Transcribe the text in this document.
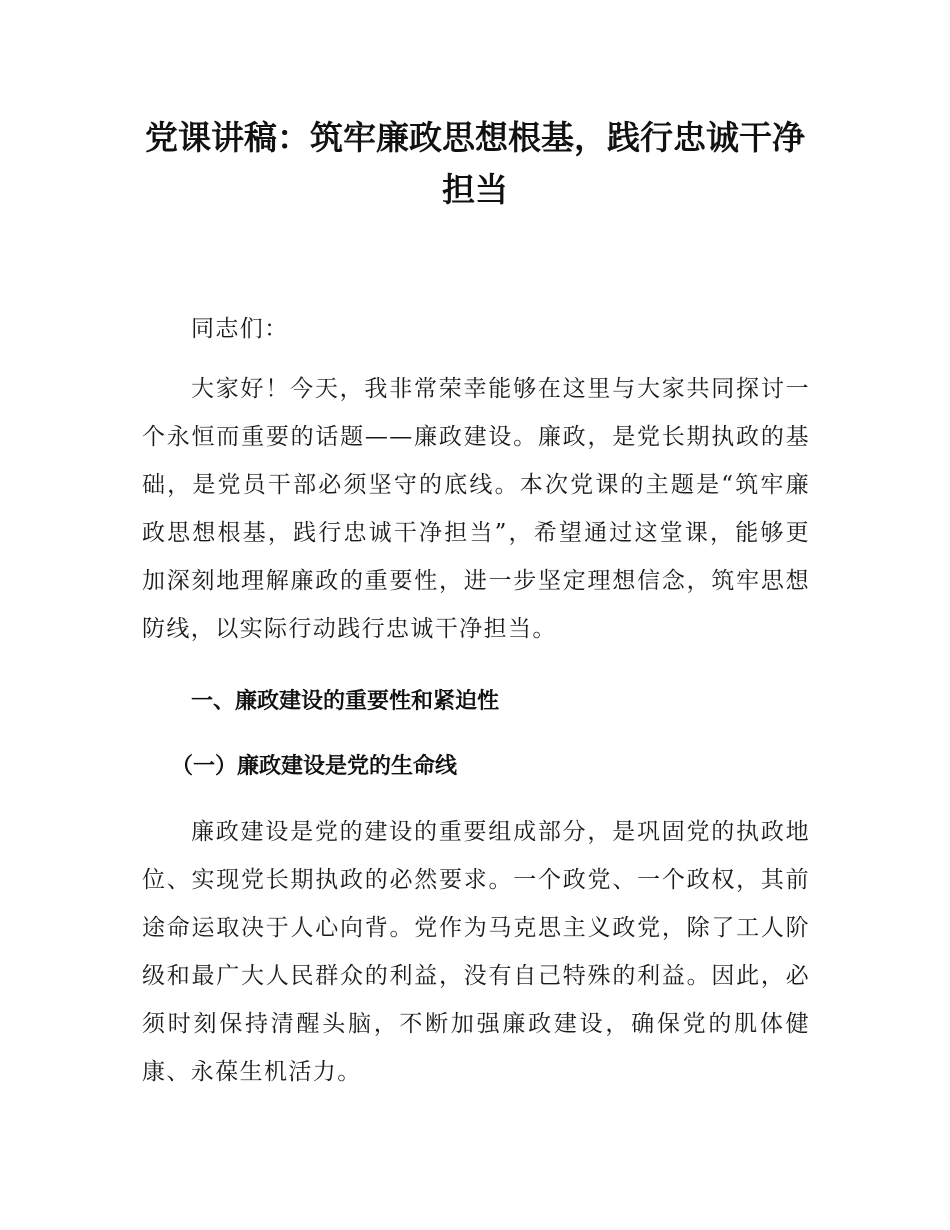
党课讲稿：筑牢廉政思想根基，践行忠诚干净担当

同志们：

大家好！今天，我非常荣幸能够在这里与大家共同探讨一个永恒而重要的话题——廉政建设。廉政，是党长期执政的基础，是党员干部必须坚守的底线。本次党课的主题是“筑牢廉政思想根基，践行忠诚干净担当”，希望通过这堂课，能够更加深刻地理解廉政的重要性，进一步坚定理想信念，筑牢思想防线，以实际行动践行忠诚干净担当。

一、廉政建设的重要性和紧迫性
（一）廉政建设是党的生命线

廉政建设是党的建设的重要组成部分，是巩固党的执政地位、实现党长期执政的必然要求。一个政党、一个政权，其前途命运取决于人心向背。党作为马克思主义政党，除了工人阶级和最广大人民群众的利益，没有自己特殊的利益。因此，必须时刻保持清醒头脑，不断加强廉政建设，确保党的肌体健康、永葆生机活力。
